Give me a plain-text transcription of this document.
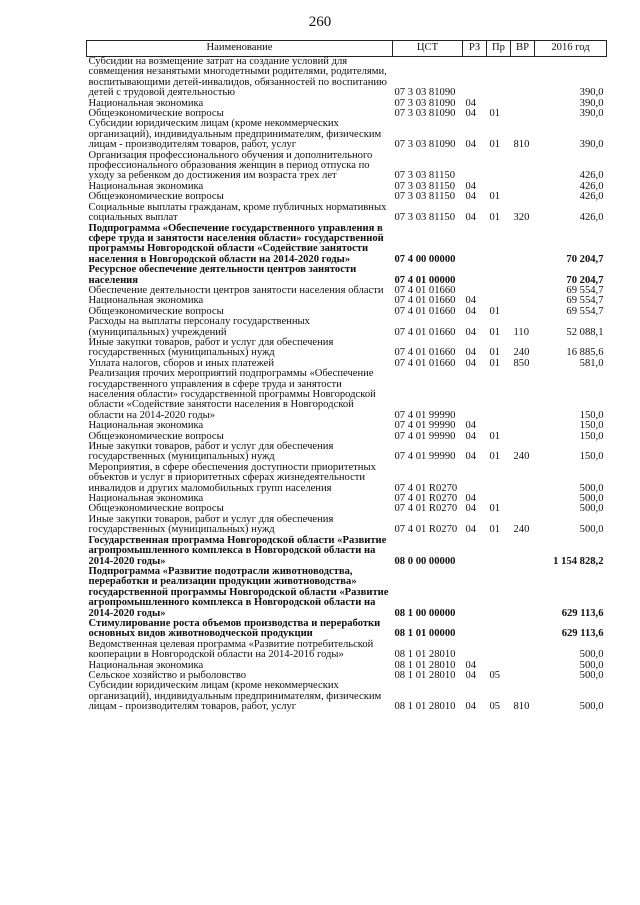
260
Наименование	ЦСТ	РЗ	Пр	ВР	2016 год
Субсидии на возмещение затрат на создание условий для совмещения незанятыми многодетными родителями, родителями, воспитывающими детей-инвалидов, обязанностей по воспитанию детей с трудовой деятельностью	07 3 03 81090				390,0
Национальная экономика	07 3 03 81090	04			390,0
Общеэкономические вопросы	07 3 03 81090	04	01		390,0
Субсидии юридическим лицам (кроме некоммерческих организаций), индивидуальным предпринимателям, физическим лицам - производителям товаров, работ, услуг	07 3 03 81090	04	01	810	390,0
Организация профессионального обучения и дополнительного профессионального образования женщин в период отпуска по уходу за ребенком до достижения им возраста трех лет	07 3 03 81150				426,0
Национальная экономика	07 3 03 81150	04			426,0
Общеэкономические вопросы	07 3 03 81150	04	01		426,0
Социальные выплаты гражданам, кроме публичных нормативных социальных выплат	07 3 03 81150	04	01	320	426,0
Подпрограмма «Обеспечение государственного управления в сфере труда и занятости населения области» государственной программы Новгородской области «Содействие занятости населения в Новгородской области на 2014-2020 годы»	07 4 00 00000				70 204,7
Ресурсное обеспечение деятельности центров занятости населения	07 4 01 00000				70 204,7
Обеспечение деятельности центров занятости населения области	07 4 01 01660				69 554,7
Национальная экономика	07 4 01 01660	04			69 554,7
Общеэкономические вопросы	07 4 01 01660	04	01		69 554,7
Расходы на выплаты персоналу государственных (муниципальных) учреждений	07 4 01 01660	04	01	110	52 088,1
Иные закупки товаров, работ и услуг для обеспечения государственных (муниципальных) нужд	07 4 01 01660	04	01	240	16 885,6
Уплата налогов, сборов и иных платежей	07 4 01 01660	04	01	850	581,0
Реализация прочих мероприятий подпрограммы «Обеспечение государственного управления в сфере труда и занятости населения области» государственной программы Новгородской области «Содействие занятости населения в Новгородской области на 2014-2020 годы»	07 4 01 99990				150,0
Национальная экономика	07 4 01 99990	04			150,0
Общеэкономические вопросы	07 4 01 99990	04	01		150,0
Иные закупки товаров, работ и услуг для обеспечения государственных (муниципальных) нужд	07 4 01 99990	04	01	240	150,0
Мероприятия, в сфере обеспечения доступности приоритетных объектов и услуг в приоритетных сферах жизнедеятельности инвалидов и других маломобильных групп населения	07 4 01 R0270				500,0
Национальная экономика	07 4 01 R0270	04			500,0
Общеэкономические вопросы	07 4 01 R0270	04	01		500,0
Иные закупки товаров, работ и услуг для обеспечения государственных (муниципальных) нужд	07 4 01 R0270	04	01	240	500,0
Государственная программа Новгородской области «Развитие агропромышленного комплекса в Новгородской области на 2014-2020 годы»	08 0 00 00000				1 154 828,2
Подпрограмма «Развитие подотрасли животноводства, переработки и реализации продукции животноводства» государственной программы Новгородской области «Развитие агропромышленного комплекса в Новгородской области на 2014-2020 годы»	08 1 00 00000				629 113,6
Стимулирование роста объемов производства и переработки основных видов животноводческой продукции	08 1 01 00000				629 113,6
Ведомственная целевая программа «Развитие потребительской кооперации в Новгородской области на 2014-2016 годы»	08 1 01 28010				500,0
Национальная экономика	08 1 01 28010	04			500,0
Сельское хозяйство и рыболовство	08 1 01 28010	04	05		500,0
Субсидии юридическим лицам (кроме некоммерческих организаций), индивидуальным предпринимателям, физическим лицам - производителям товаров, работ, услуг	08 1 01 28010	04	05	810	500,0
